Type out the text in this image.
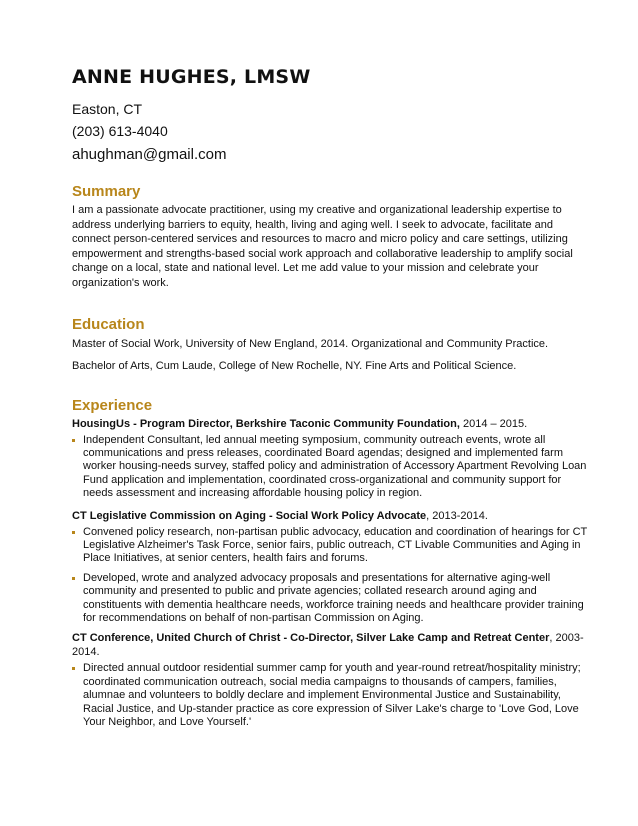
ANNE HUGHES, LMSW
Easton, CT
(203) 613-4040
ahughman@gmail.com
Summary
I am a passionate advocate practitioner, using my creative and organizational leadership expertise to address underlying barriers to equity, health, living and aging well. I seek to advocate, facilitate and connect person-centered services and resources to macro and micro policy and care settings, utilizing empowerment and strengths-based social work approach and collaborative leadership to amplify social change on a local, state and national level. Let me add value to your mission and celebrate your organization's work.
Education
Master of Social Work, University of New England, 2014. Organizational and Community Practice.
Bachelor of Arts, Cum Laude, College of New Rochelle, NY. Fine Arts and Political Science.
Experience
HousingUs - Program Director, Berkshire Taconic Community Foundation, 2014 – 2015.
Independent Consultant, led annual meeting symposium, community outreach events, wrote all communications and press releases, coordinated Board agendas; designed and implemented farm worker housing-needs survey, staffed policy and administration of Accessory Apartment Revolving Loan Fund application and implementation, coordinated cross-organizational and community support for needs assessment and increasing affordable housing policy in region.
CT Legislative Commission on Aging - Social Work Policy Advocate, 2013-2014.
Convened policy research, non-partisan public advocacy, education and coordination of hearings for CT Legislative Alzheimer's Task Force, senior fairs, public outreach, CT Livable Communities and Aging in Place Initiatives, at senior centers, health fairs and forums.
Developed, wrote and analyzed advocacy proposals and presentations for alternative aging-well community and presented to public and private agencies; collated research around aging and constituents with dementia healthcare needs, workforce training needs and healthcare provider training for recommendations on behalf of non-partisan Commission on Aging.
CT Conference, United Church of Christ - Co-Director, Silver Lake Camp and Retreat Center, 2003-2014.
Directed annual outdoor residential summer camp for youth and year-round retreat/hospitality ministry; coordinated communication outreach, social media campaigns to thousands of campers, families, alumnae and volunteers to boldly declare and implement Environmental Justice and Sustainability, Racial Justice, and Up-stander practice as core expression of Silver Lake's charge to 'Love God, Love Your Neighbor, and Love Yourself.'
